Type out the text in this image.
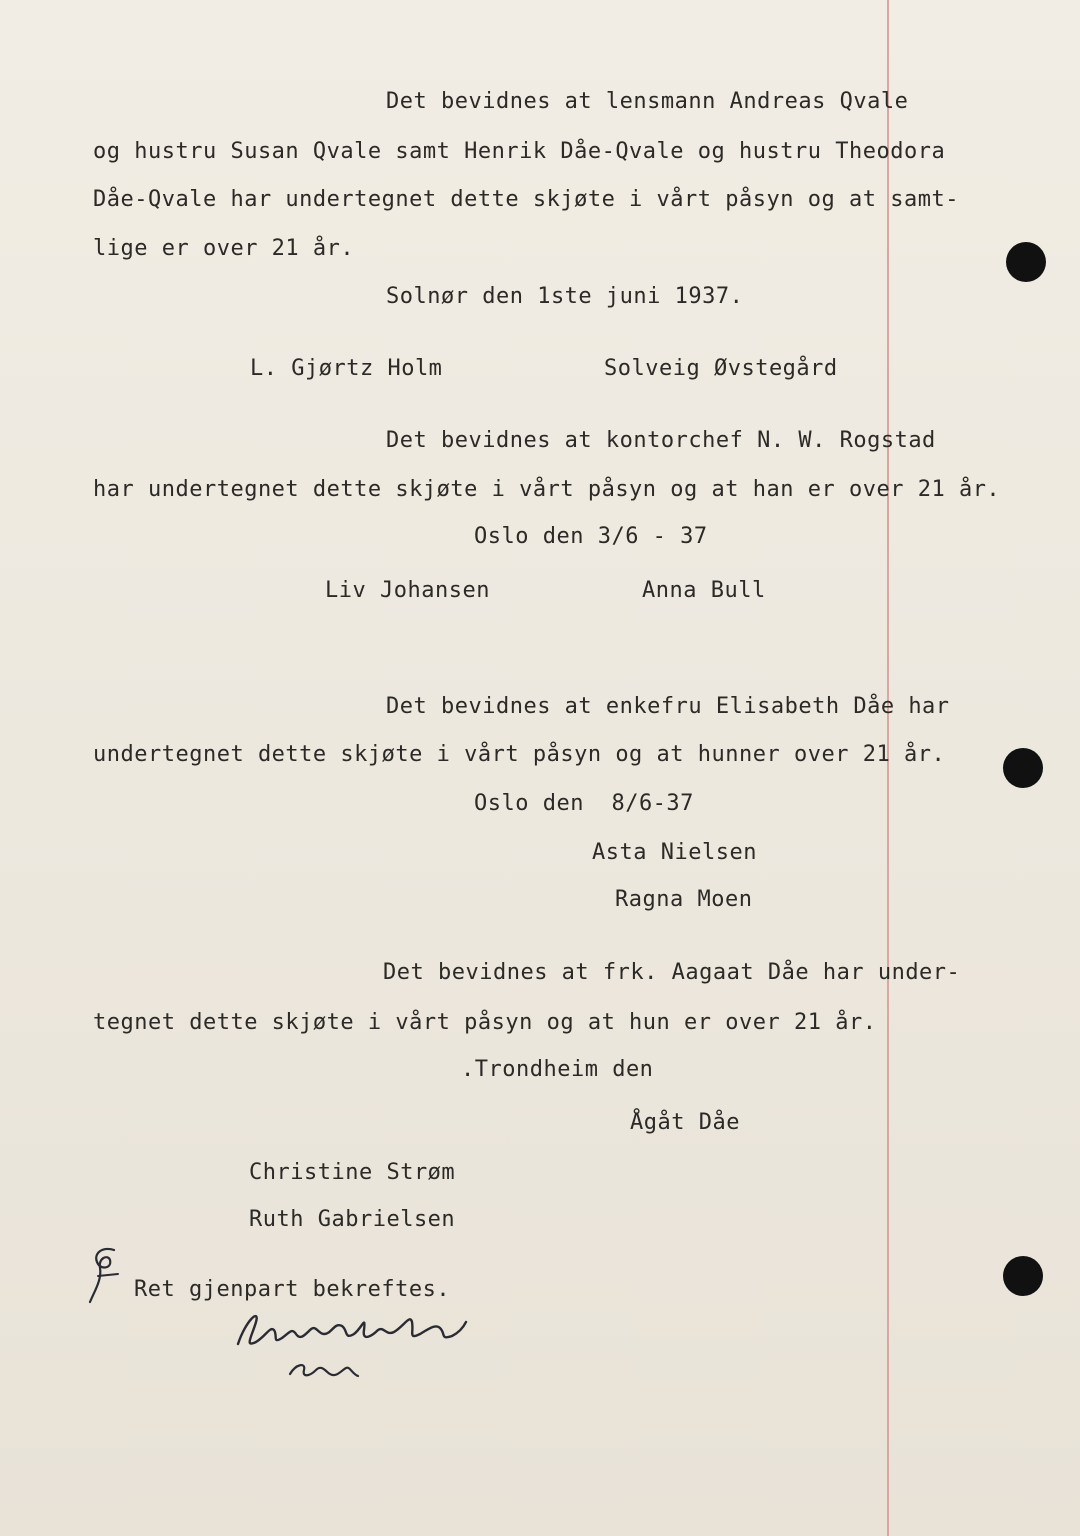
Det bevidnes at lensmann Andreas Qvale
og hustru Susan Qvale samt Henrik Dåe-Qvale og hustru Theodora
Dåe-Qvale har undertegnet dette skjøte i vårt påsyn og at samt-
lige er over 21 år.
Solnør den 1ste juni 1937.
L. Gjørtz Holm	Solveig Øvstegård
Det bevidnes at kontorchef N. W. Rogstad
har undertegnet dette skjøte i vårt påsyn og at han er over 21 år.
Oslo den 3/6 - 37
Liv Johansen	Anna Bull
Det bevidnes at enkefru Elisabeth Dåe har
undertegnet dette skjøte i vårt påsyn og at hunner over 21 år.
Oslo den  8/6-37
Asta Nielsen
Ragna Moen
Det bevidnes at frk. Aagaat Dåe har under-
tegnet dette skjøte i vårt påsyn og at hun er over 21 år.
.Trondheim den
Ågåt Dåe
Christine Strøm
Ruth Gabrielsen
Ret gjenpart bekreftes.
